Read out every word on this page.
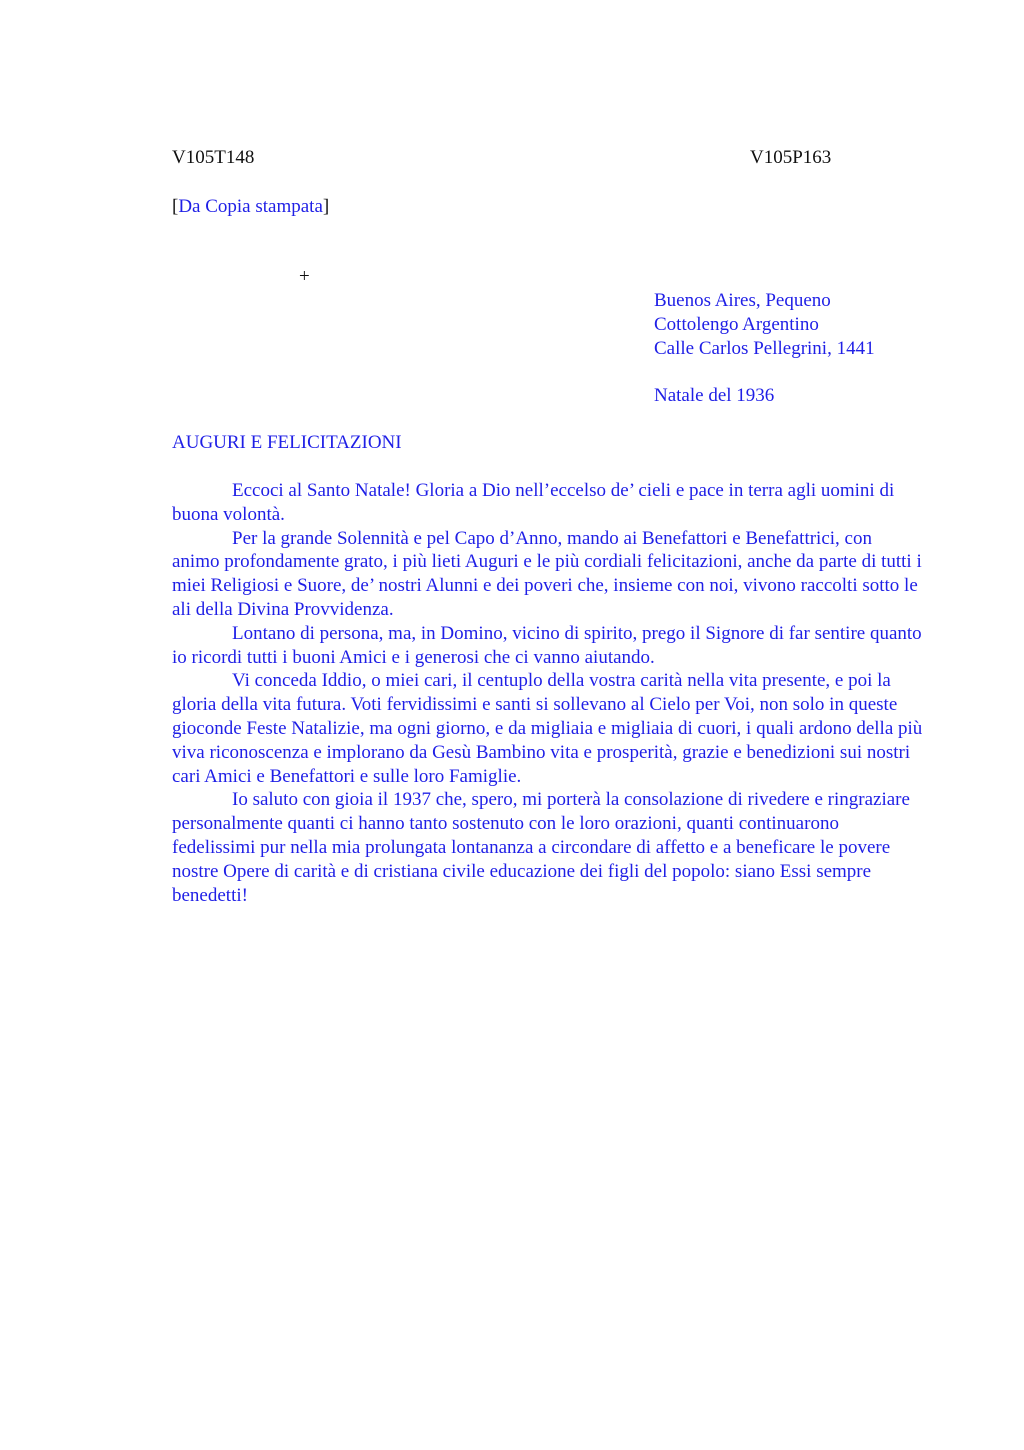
V105T148	V105P163
[Da Copia stampata]
+
Buenos Aires, Pequeno
Cottolengo Argentino
Calle Carlos Pellegrini, 1441
Natale del 1936
AUGURI E FELICITAZIONI

Eccoci al Santo Natale! Gloria a Dio nell’eccelso de’ cieli e pace in terra agli uomini di buona volontà.

Per la grande Solennità e pel Capo d’Anno, mando ai Benefattori e Benefattrici, con animo profondamente grato, i più lieti Auguri e le più cordiali felicitazioni, anche da parte di tutti i miei Religiosi e Suore, de’ nostri Alunni e dei poveri che, insieme con noi, vivono raccolti sotto le ali della Divina Provvidenza.

Lontano di persona, ma, in Domino, vicino di spirito, prego il Signore di far sentire quanto io ricordi tutti i buoni Amici e i generosi che ci vanno aiutando.

Vi conceda Iddio, o miei cari, il centuplo della vostra carità nella vita presente, e poi la gloria della vita futura. Voti fervidissimi e santi si sollevano al Cielo per Voi, non solo in queste gioconde Feste Natalizie, ma ogni giorno, e da migliaia e migliaia di cuori, i quali ardono della più viva riconoscenza e implorano da Gesù Bambino vita e prosperità, grazie e benedizioni sui nostri cari Amici e Benefattori e sulle loro Famiglie.

Io saluto con gioia il 1937 che, spero, mi porterà la consolazione di rivedere e ringraziare personalmente quanti ci hanno tanto sostenuto con le loro orazioni, quanti continuarono fedelissimi pur nella mia prolungata lontananza a circondare di affetto e a beneficare le povere nostre Opere di carità e di cristiana civile educazione dei figli del popolo: siano Essi sempre benedetti!
